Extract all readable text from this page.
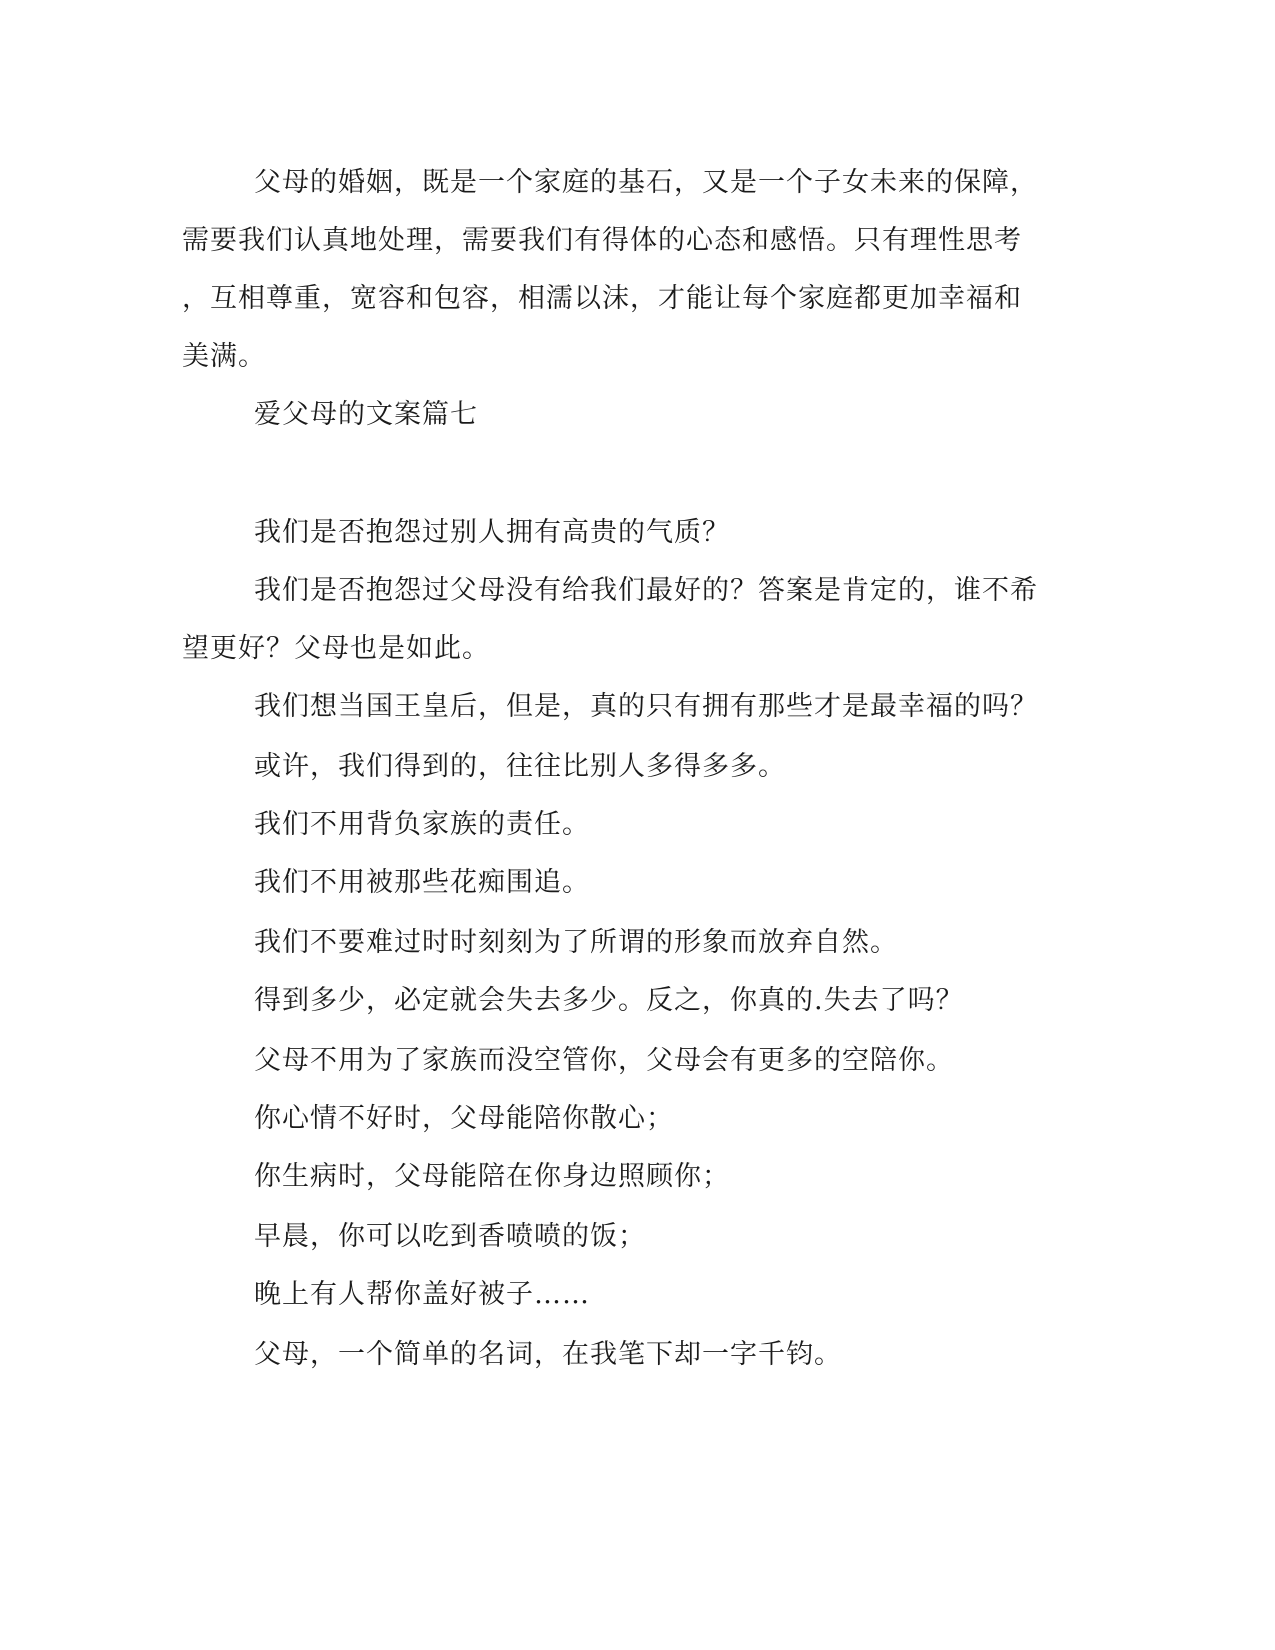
父母的婚姻，既是一个家庭的基石，又是一个子女未来的保障，

需要我们认真地处理，需要我们有得体的心态和感悟。只有理性思考

，互相尊重，宽容和包容，相濡以沫，才能让每个家庭都更加幸福和

美满。

爱父母的文案篇七

我们是否抱怨过别人拥有高贵的气质？

我们是否抱怨过父母没有给我们最好的？答案是肯定的，谁不希

望更好？父母也是如此。

我们想当国王皇后，但是，真的只有拥有那些才是最幸福的吗？

或许，我们得到的，往往比别人多得多多。

我们不用背负家族的责任。

我们不用被那些花痴围追。

我们不要难过时时刻刻为了所谓的形象而放弃自然。

得到多少，必定就会失去多少。反之，你真的.失去了吗？

父母不用为了家族而没空管你，父母会有更多的空陪你。

你心情不好时，父母能陪你散心；

你生病时，父母能陪在你身边照顾你；

早晨，你可以吃到香喷喷的饭；

晚上有人帮你盖好被子……

父母，一个简单的名词，在我笔下却一字千钧。
